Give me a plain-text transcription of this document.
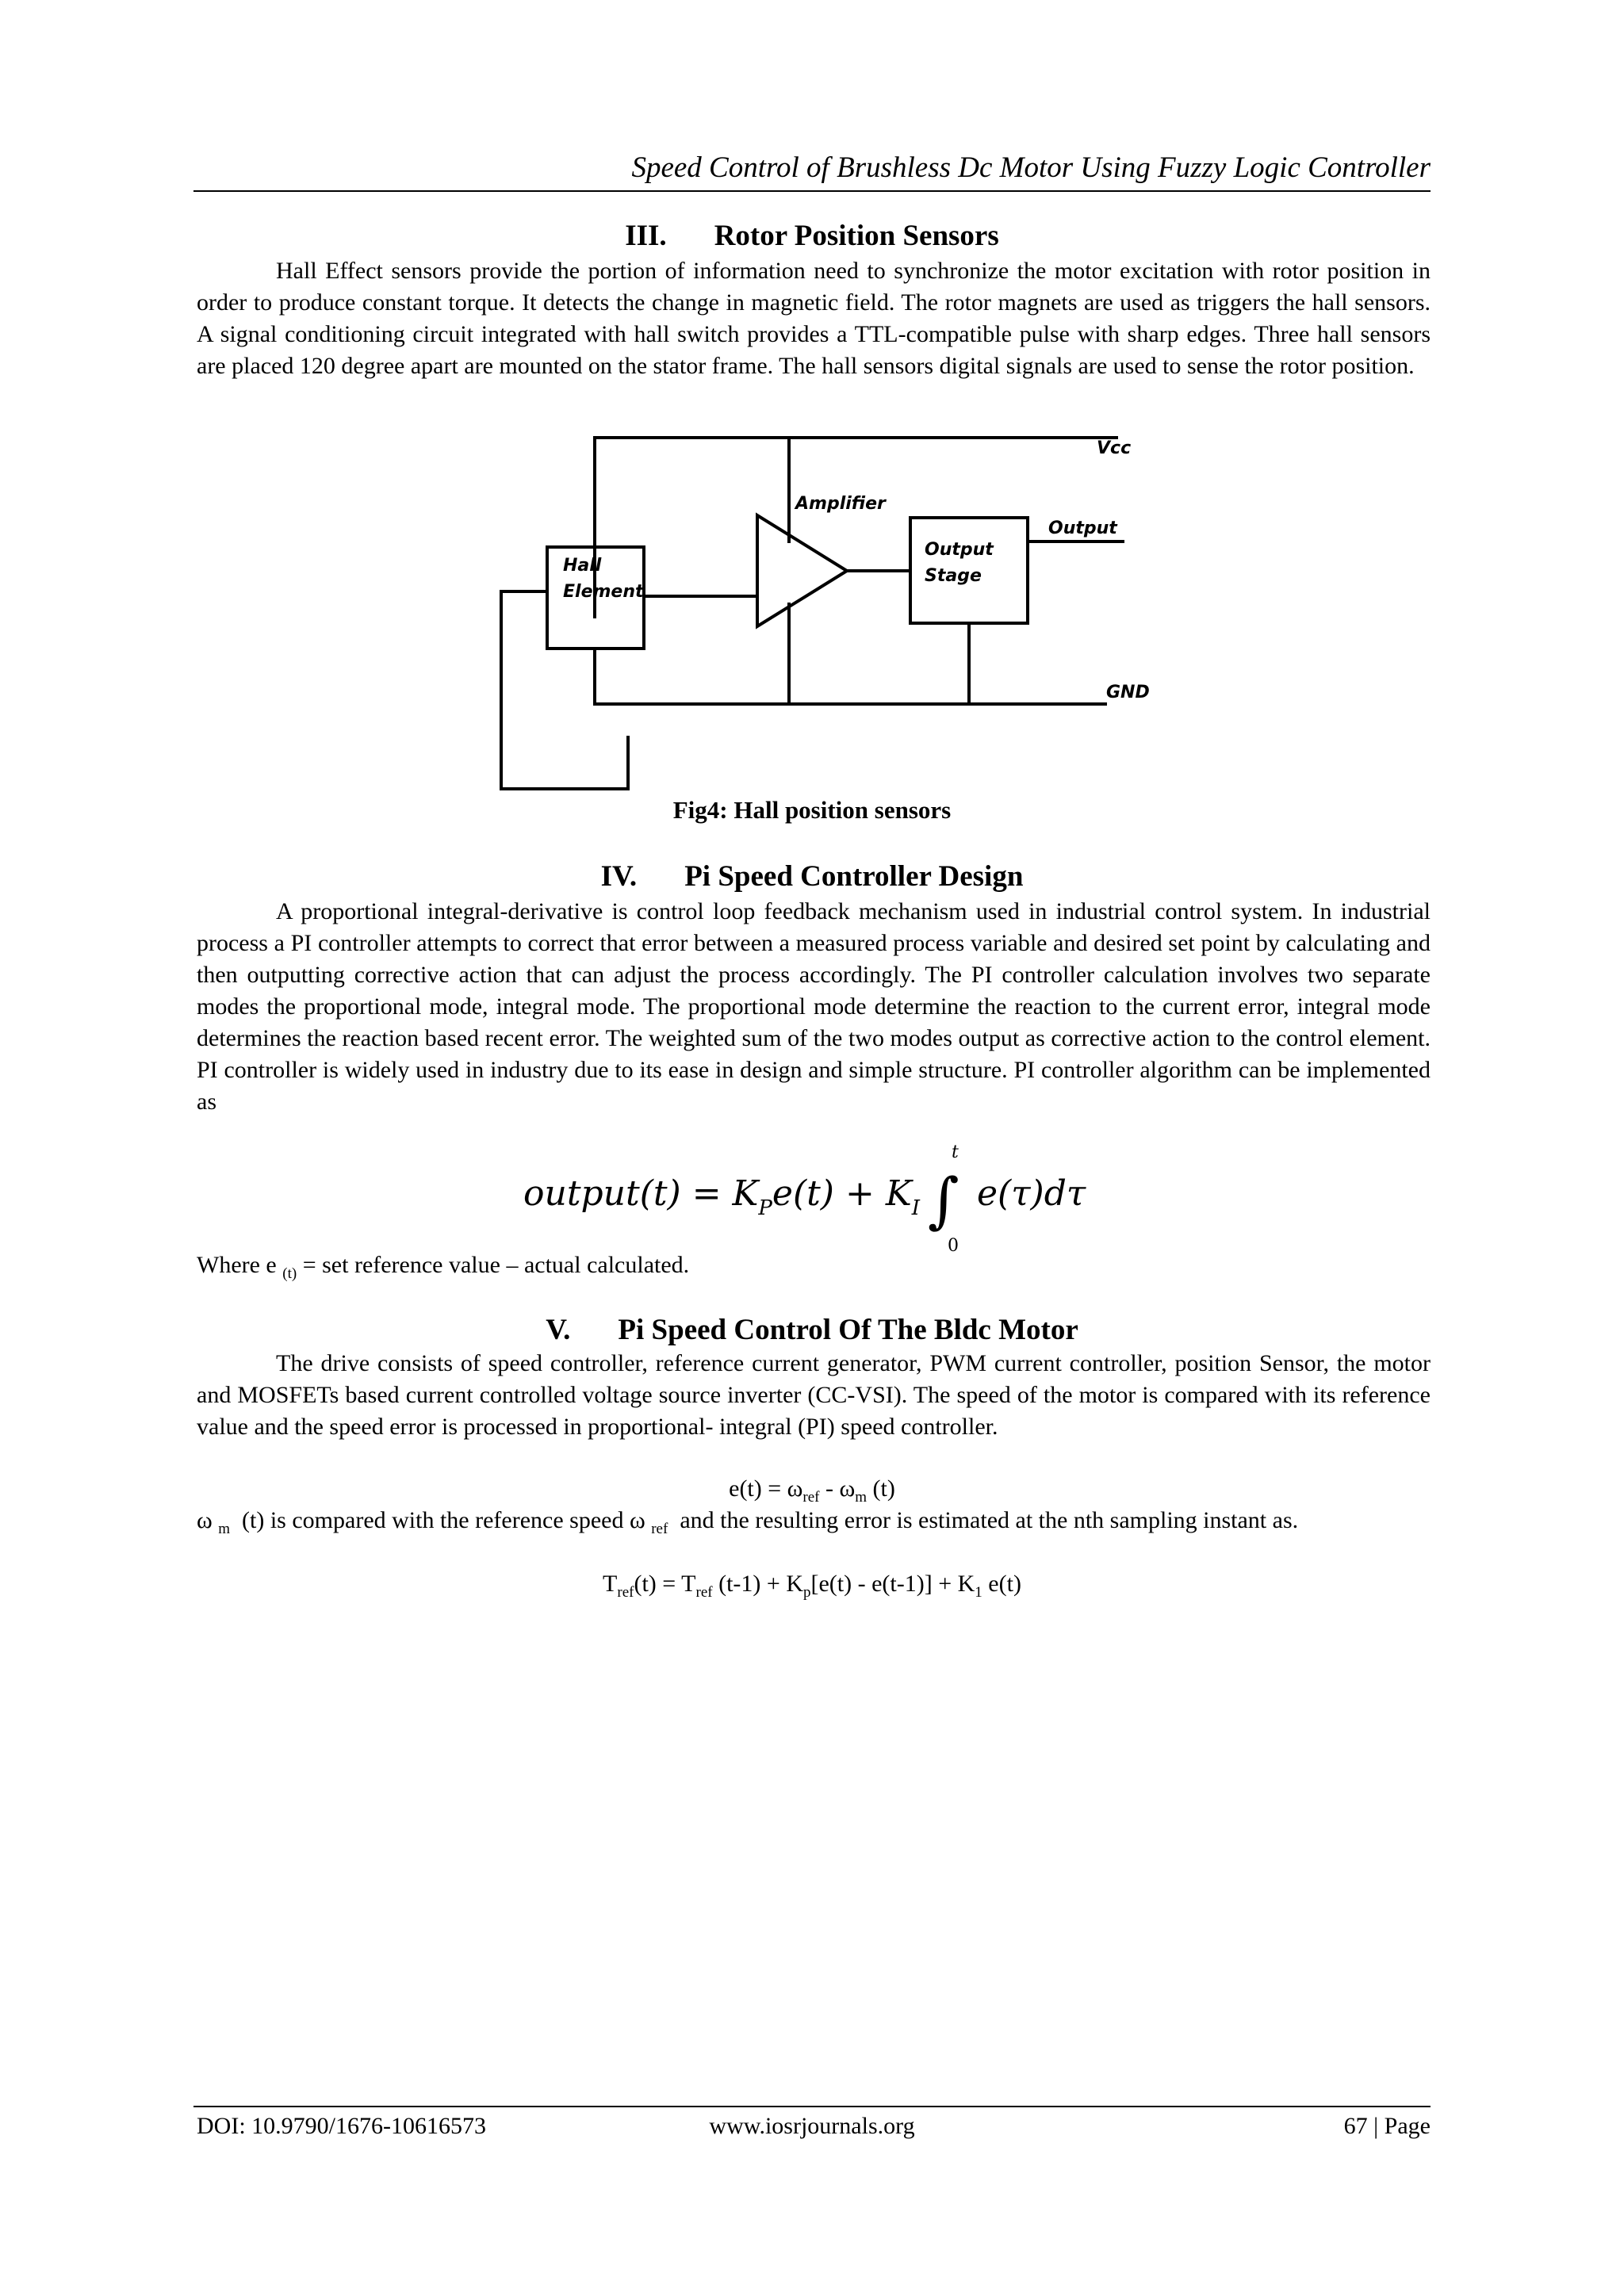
Speed Control of Brushless Dc Motor Using Fuzzy Logic Controller
III. Rotor Position Sensors

Hall Effect sensors provide the portion of information need to synchronize the motor excitation with rotor position in order to produce constant torque. It detects the change in magnetic field. The rotor magnets are used as triggers the hall sensors. A signal conditioning circuit integrated with hall switch provides a TTL-compatible pulse with sharp edges. Three hall sensors are placed 120 degree apart are mounted on the stator frame. The hall sensors digital signals are used to sense the rotor position.

Vcc
Amplifier
Output
Output
Stage
Hall
Element
GND
Fig4: Hall position sensors
IV. Pi Speed Controller Design

A proportional integral-derivative is control loop feedback mechanism used in industrial control system. In industrial process a PI controller attempts to correct that error between a measured process variable and desired set point by calculating and then outputting corrective action that can adjust the process accordingly. The PI controller calculation involves two separate modes the proportional mode, integral mode. The proportional mode determine the reaction to the current error, integral mode determines the reaction based recent error. The weighted sum of the two modes output as corrective action to the control element. PI controller is widely used in industry due to its ease in design and simple structure. PI controller algorithm can be implemented as

output(t) = $K_Pe(t) + K_I$ ∫
t
0
e(τ)dτ

Where e $_{(t)}$ = set reference value – actual calculated.

V. Pi Speed Control Of The Bldc Motor

The drive consists of speed controller, reference current generator, PWM current controller, position Sensor, the motor and MOSFETs based current controlled voltage source inverter (CC-VSI). The speed of the motor is compared with its reference value and the speed error is processed in proportional- integral (PI) speed controller.

$e(t) = \omega_{ref} - \omega_m$ (t)

ω $_m$ (t) is compared with the reference speed ω $_{ref}$ and the resulting error is estimated at the nth sampling instant as.

$T_{ref}(t) = T_{ref}$ $(t-1) + K_p[e(t) - e(t-1)] + K_1$ e(t)
DOI: 10.9790/1676-10616573	www.iosrjournals.org	67 | Page
